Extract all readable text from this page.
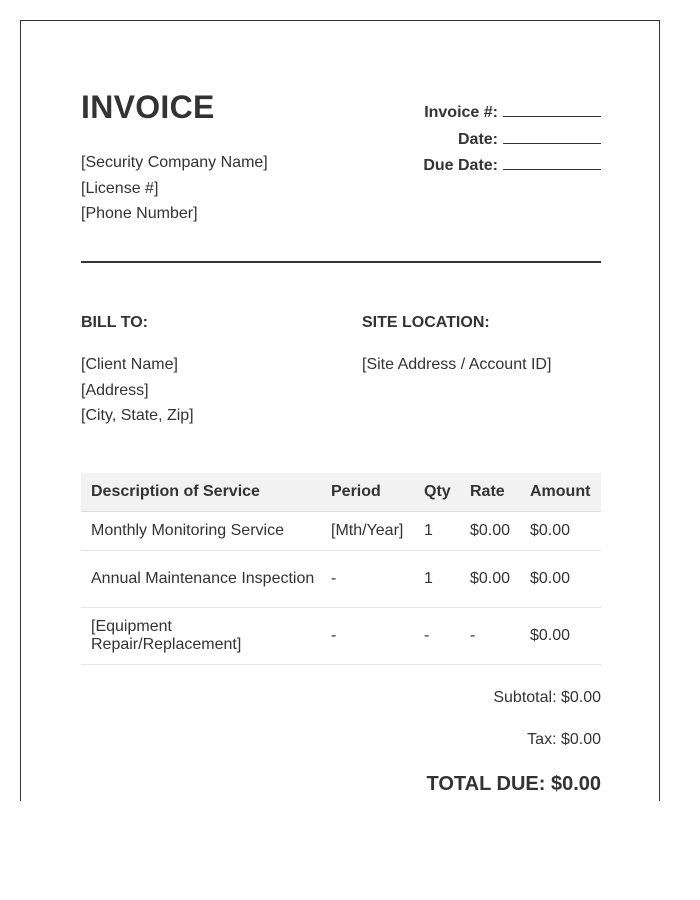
INVOICE
[Security Company Name]
[License #]
[Phone Number]
Invoice #:
Date:
Due Date:
BILL TO:	SITE LOCATION:
[Client Name]
[Address]
[City, State, Zip]
[Site Address / Account ID]
Description of Service	Period	Qty	Rate	Amount
Monthly Monitoring Service	[Mth/Year]	1	$0.00	$0.00
Annual Maintenance Inspection	-	1	$0.00	$0.00
[Equipment Repair/Replacement]	-	-	-	$0.00
Subtotal: $0.00
Tax: $0.00
TOTAL DUE: $0.00
